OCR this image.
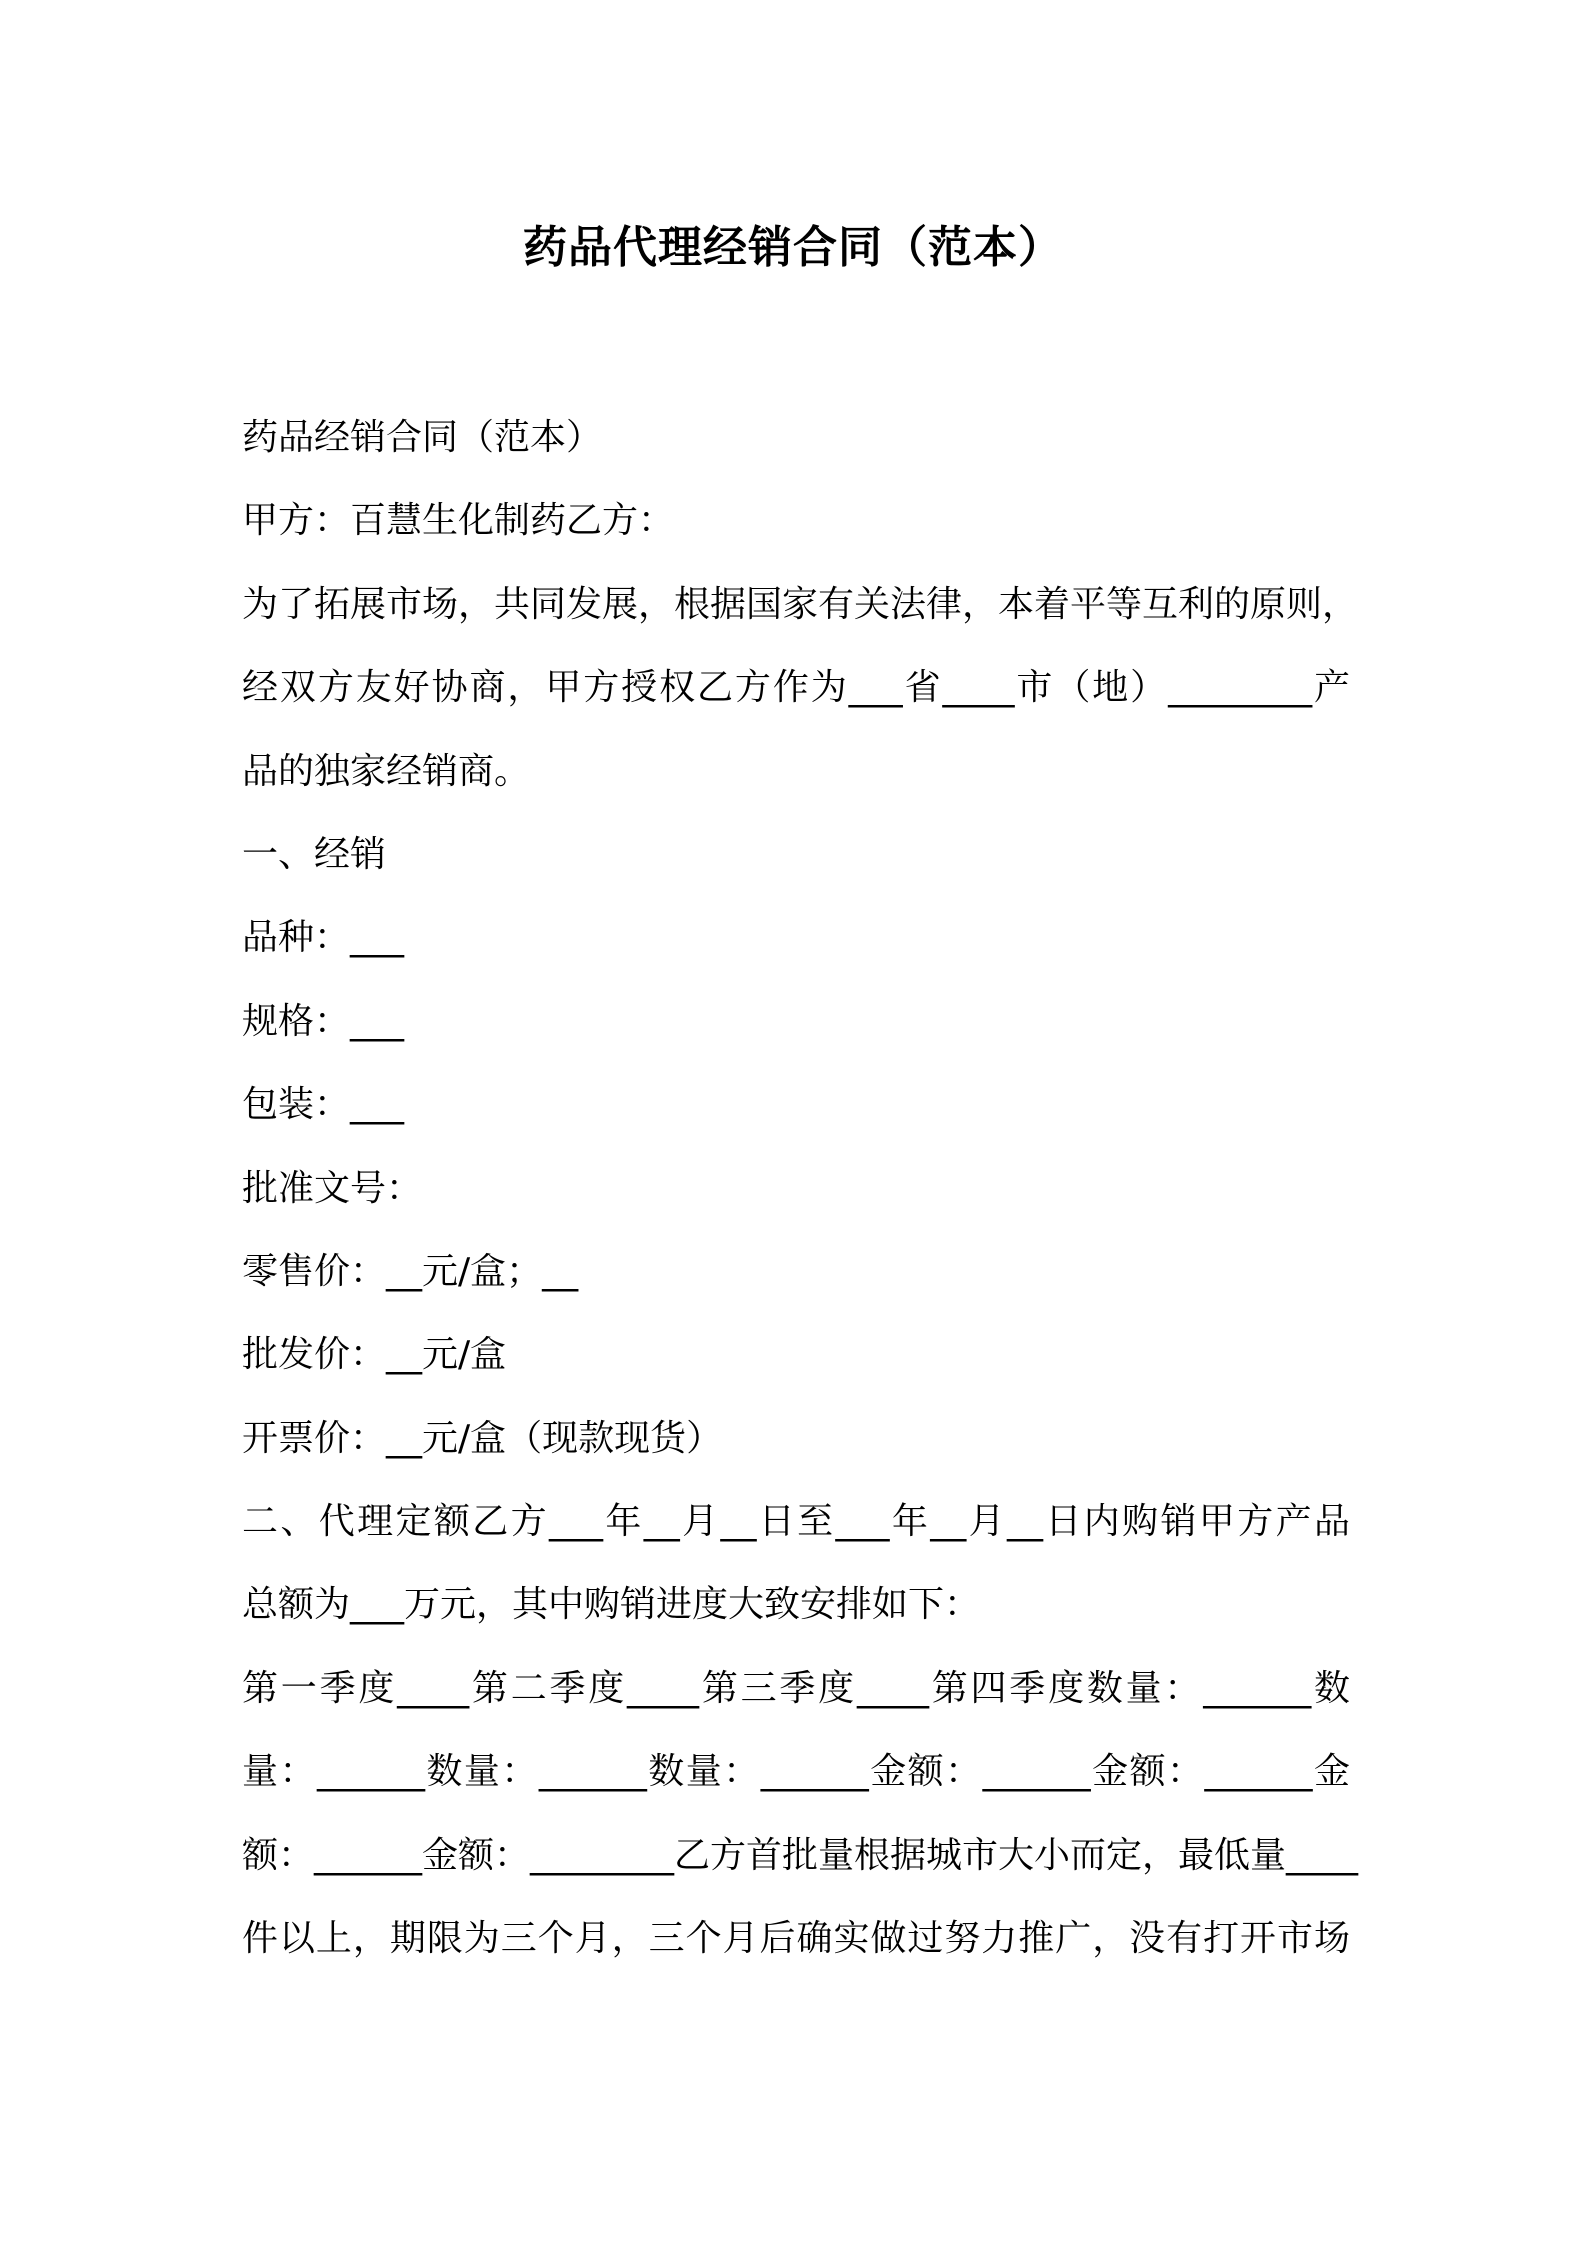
药品代理经销合同（范本）
药品经销合同（范本）
甲方：百慧生化制药乙方：
为了拓展市场，共同发展，根据国家有关法律，本着平等互利的原则，
经双方友好协商，甲方授权乙方作为___省____市（地）________产
品的独家经销商。
一、经销
品种：___
规格：___
包装：___
批准文号：
零售价：__元/盒；__
批发价：__元/盒
开票价：__元/盒（现款现货）
二、代理定额乙方___年__月__日至___年__月__日内购销甲方产品
总额为___万元，其中购销进度大致安排如下：
第一季度____第二季度____第三季度____第四季度数量：______数
量：______数量：______数量：______金额：______金额：______金
额：______金额：________乙方首批量根据城市大小而定，最低量____
件以上，期限为三个月，三个月后确实做过努力推广，没有打开市场
